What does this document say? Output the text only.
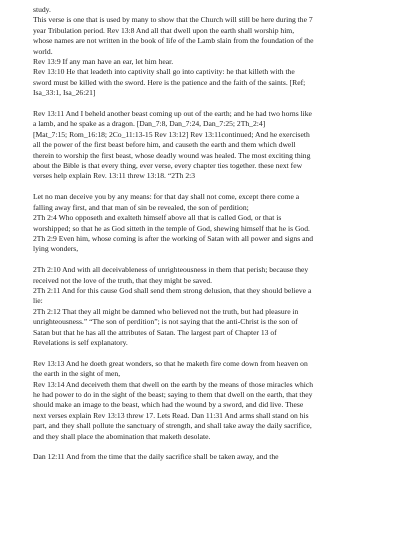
study.
This verse is one that is used by many to show that the Church will still be here during the 7
year Tribulation period. Rev 13:8 And all that dwell upon the earth shall worship him,
whose names are not written in the book of life of the Lamb slain from the foundation of the
world.
Rev 13:9 If any man have an ear, let him hear.
Rev 13:10 He that leadeth into captivity shall go into captivity: he that killeth with the
sword must be killed with the sword. Here is the patience and the faith of the saints. [Ref;
Isa_33:1, Isa_26:21]
Rev 13:11 And I beheld another beast coming up out of the earth; and he had two horns like
a lamb, and he spake as a dragon. [Dan_7:8, Dan_7:24, Dan_7:25; 2Th_2:4]
[Mat_7:15; Rom_16:18; 2Co_11:13-15 Rev 13:12] Rev 13:11continued; And he exerciseth
all the power of the first beast before him, and causeth the earth and them which dwell
therein to worship the first beast, whose deadly wound was healed. The most exciting thing
about the Bible is that every thing, ever verse, every chapter ties together. these next few
verses help explain Rev. 13:11 threw 13:18. “2Th 2:3
Let no man deceive you by any means: for that day shall not come, except there come a
falling away first, and that man of sin be revealed, the son of perdition;
2Th 2:4 Who opposeth and exalteth himself above all that is called God, or that is
worshipped; so that he as God sitteth in the temple of God, shewing himself that he is God.
2Th 2:9 Even him, whose coming is after the working of Satan with all power and signs and
lying wonders,
2Th 2:10 And with all deceivableness of unrighteousness in them that perish; because they
received not the love of the truth, that they might be saved.
2Th 2:11 And for this cause God shall send them strong delusion, that they should believe a
lie:
2Th 2:12 That they all might be damned who believed not the truth, but had pleasure in
unrighteousness.” “The son of perdition”; is not saying that the anti-Christ is the son of
Satan but that he has all the attributes of Satan. The largest part of Chapter 13 of
Revelations is self explanatory.
Rev 13:13 And he doeth great wonders, so that he maketh fire come down from heaven on
the earth in the sight of men,
Rev 13:14 And deceiveth them that dwell on the earth by the means of those miracles which
he had power to do in the sight of the beast; saying to them that dwell on the earth, that they
should make an image to the beast, which had the wound by a sword, and did live. These
next verses explain Rev 13:13 threw 17. Lets Read. Dan 11:31 And arms shall stand on his
part, and they shall pollute the sanctuary of strength, and shall take away the daily sacrifice,
and they shall place the abomination that maketh desolate.
Dan 12:11 And from the time that the daily sacrifice shall be taken away, and the
